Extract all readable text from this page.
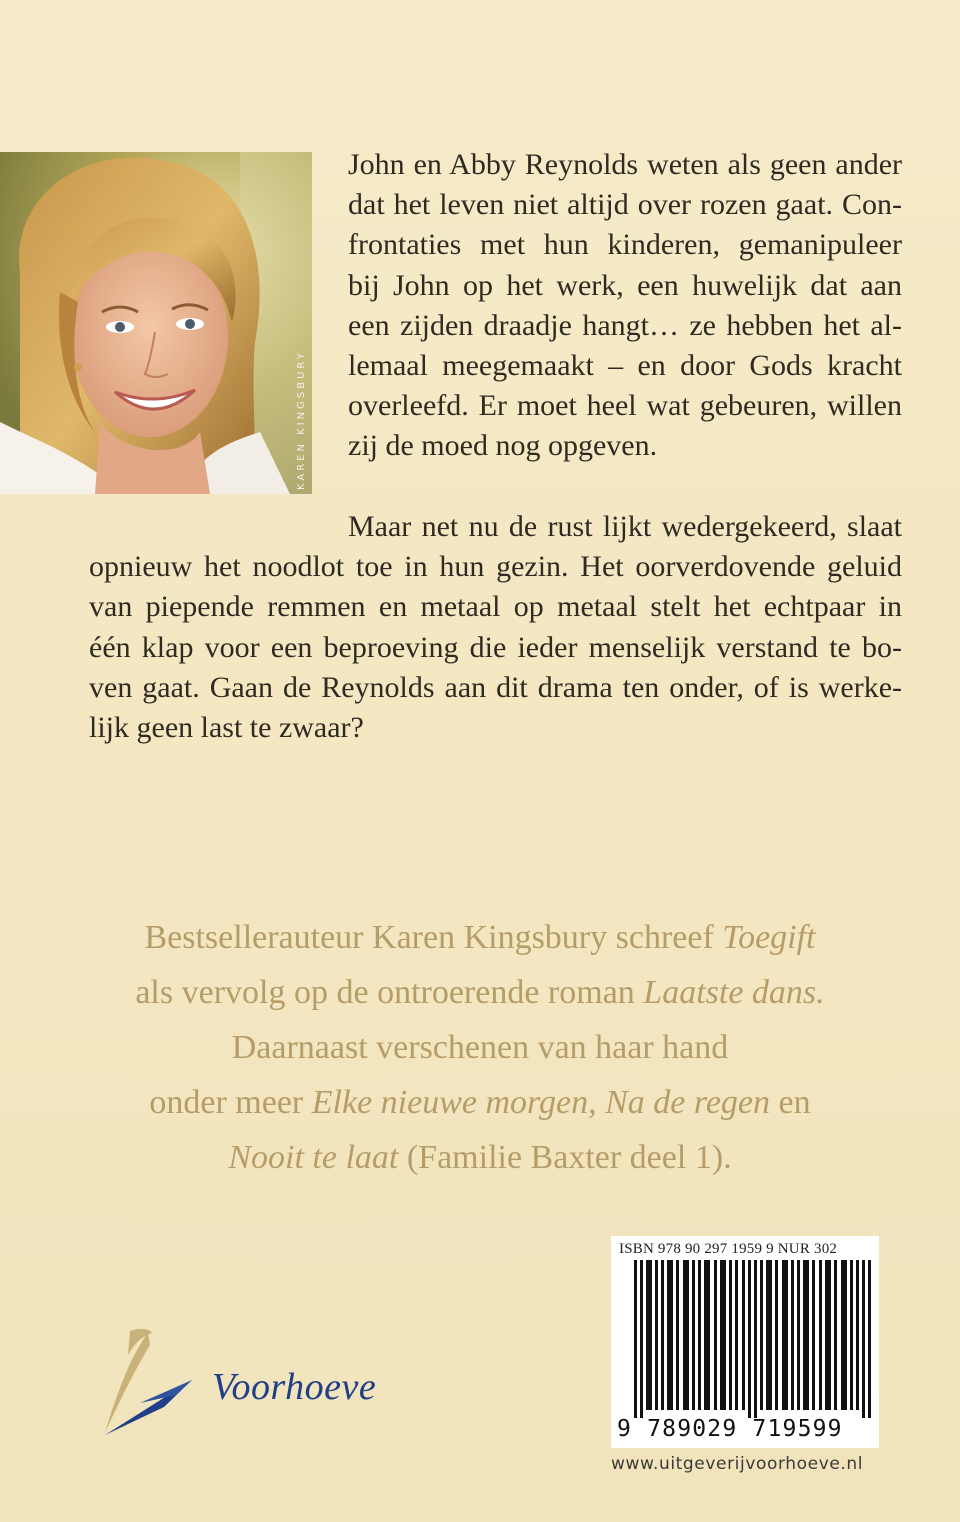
KAREN KINGSBURY
John en Abby Reynolds weten als geen ander
dat het leven niet altijd over rozen gaat. Con-
frontaties met hun kinderen, gemanipuleer
bij John op het werk, een huwelijk dat aan
een zijden draadje hangt… ze hebben het al-
lemaal meegemaakt – en door Gods kracht
overleefd. Er moet heel wat gebeuren, willen
zij de moed nog opgeven.
Maar net nu de rust lijkt wedergekeerd, slaat
opnieuw het noodlot toe in hun gezin. Het oorverdovende geluid
van piepende remmen en metaal op metaal stelt het echtpaar in
één klap voor een beproeving die ieder menselijk verstand te bo-
ven gaat. Gaan de Reynolds aan dit drama ten onder, of is werke-
lijk geen last te zwaar?
Bestsellerauteur Karen Kingsbury schreef Toegift
als vervolg op de ontroerende roman Laatste dans.
Daarnaast verschenen van haar hand
onder meer Elke nieuwe morgen, Na de regen en
Nooit te laat (Familie Baxter deel 1).
Voorhoeve
ISBN 978 90 297 1959 9 NUR 302
9 789029 719599
www.uitgeverijvoorhoeve.nl
